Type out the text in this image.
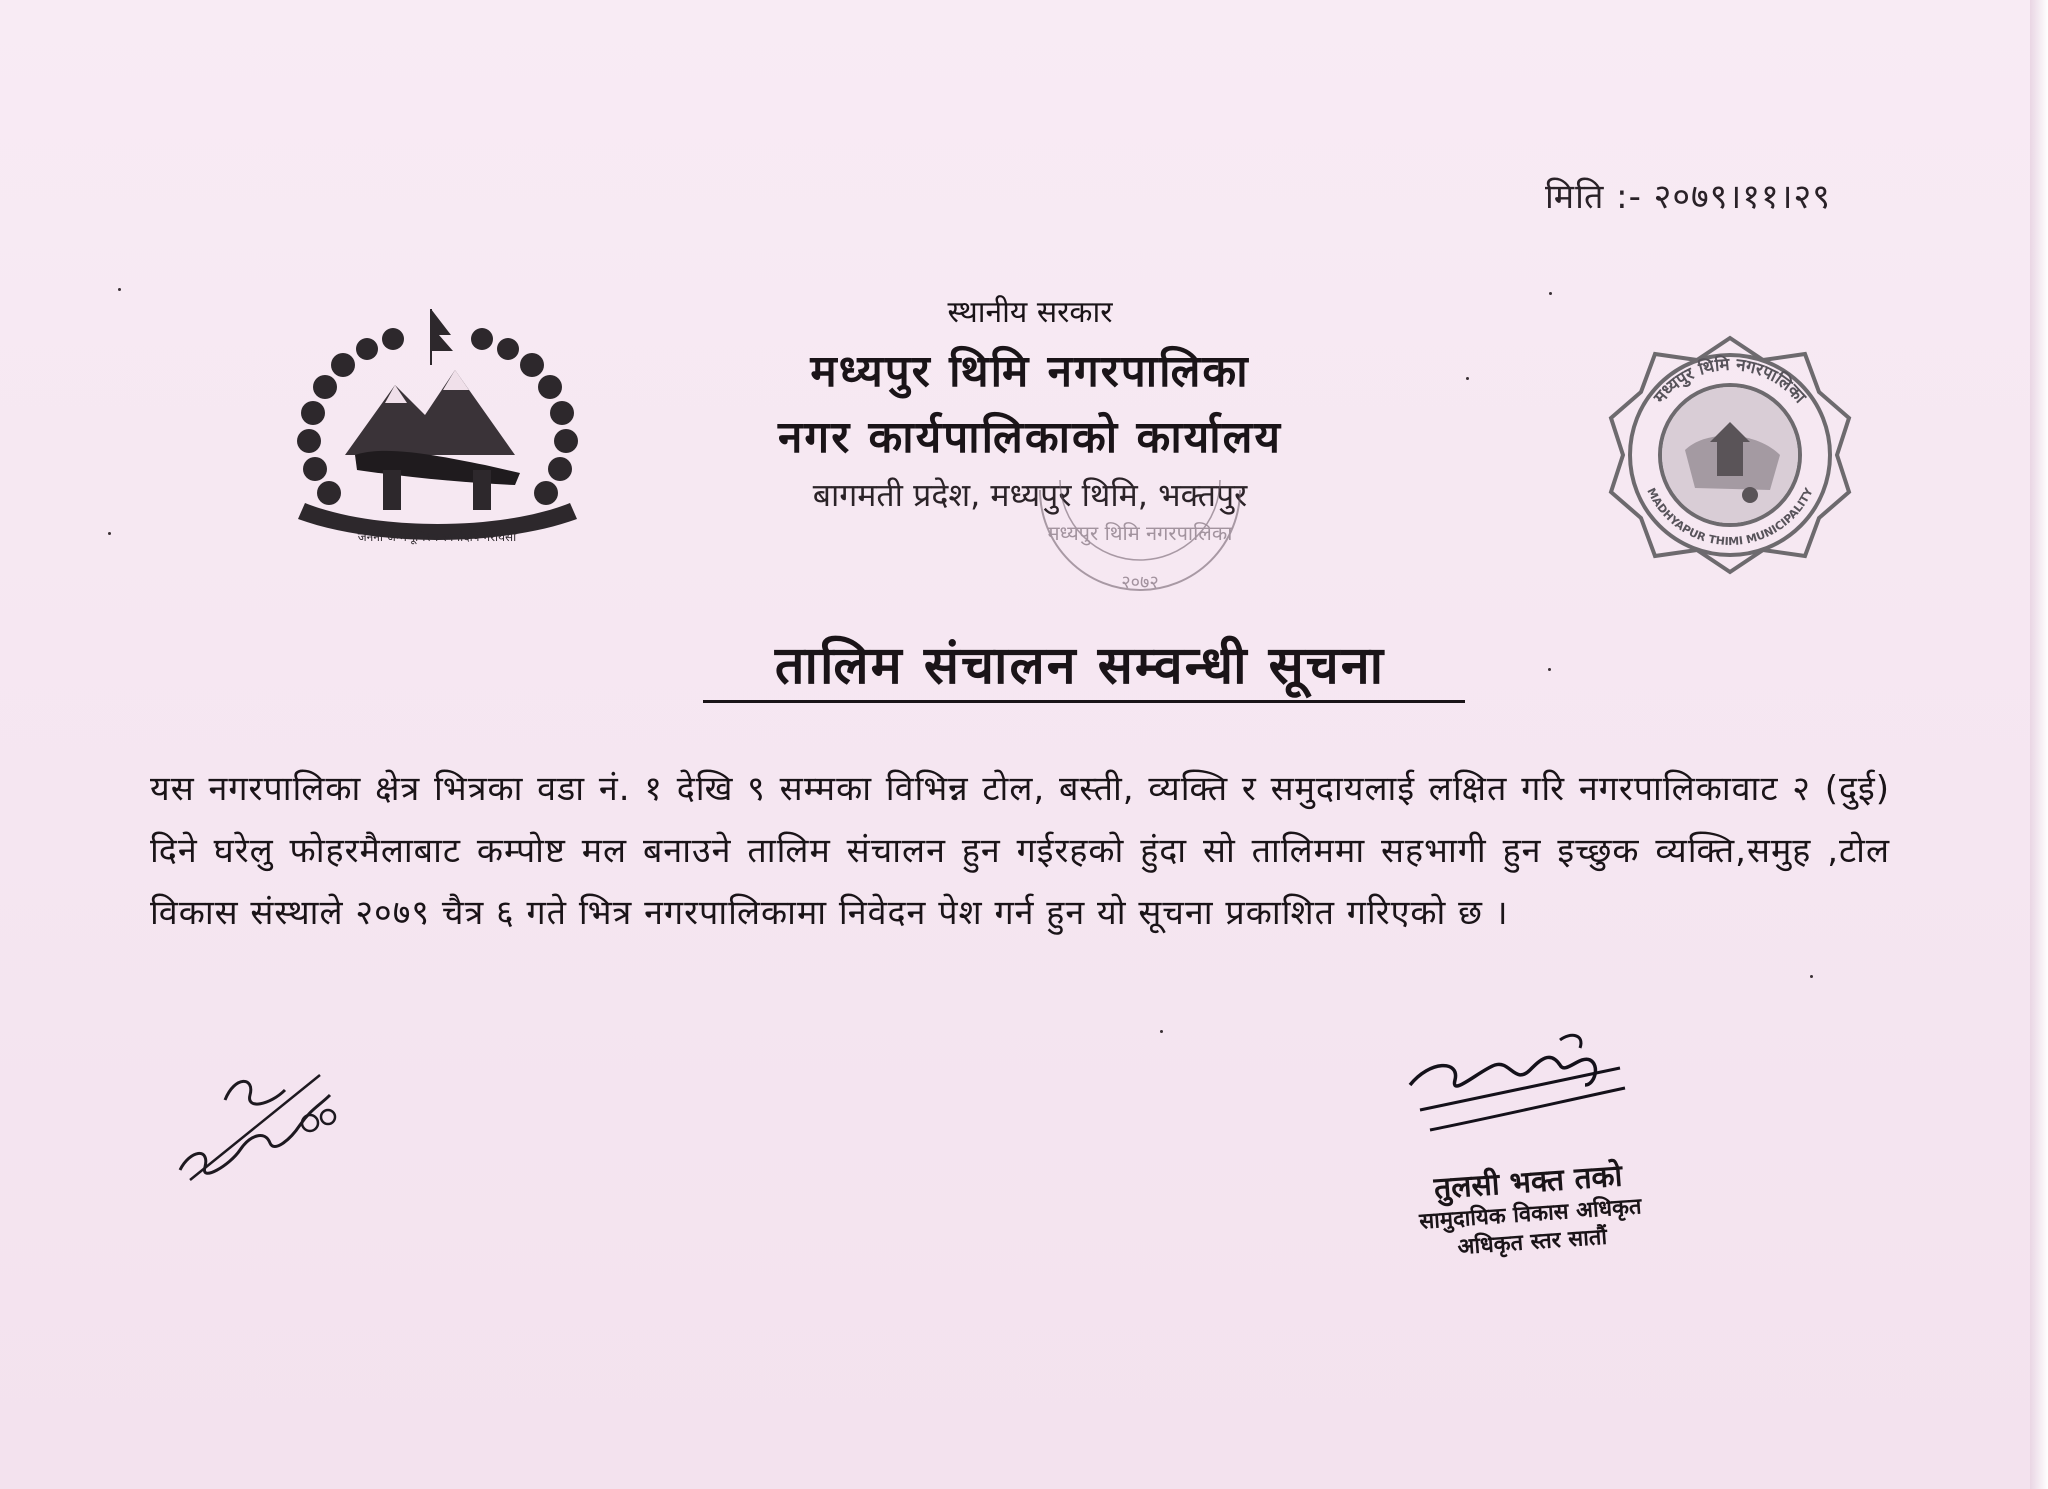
मिति :- २०७९।११।२९
जननी जन्मभूमिश्च स्वर्गादपि गरीयसी
स्थानीय सरकार
मध्यपुर थिमि नगरपालिका
नगर कार्यपालिकाको कार्यालय
बागमती प्रदेश, मध्यपुर थिमि, भक्तपुर
मध्यपुर थिमि नगरपालिका
२०७२
मध्यपुर थिमि नगरपालिका
MADHYAPUR THIMI MUNICIPALITY
तालिम संचालन सम्वन्धी सूचना
यस नगरपालिका क्षेत्र भित्रका वडा नं. १ देखि ९ सम्मका विभिन्न टोल, बस्ती, व्यक्ति र समुदायलाई लक्षित गरि नगरपालिकावाट २ (दुई) दिने घरेलु फोहरमैलाबाट कम्पोष्ट मल बनाउने तालिम संचालन हुन गईरहको हुंदा सो तालिममा सहभागी हुन इच्छुक व्यक्ति,समुह ,टोल विकास संस्थाले २०७९ चैत्र ६ गते भित्र नगरपालिकामा निवेदन पेश गर्न हुन यो सूचना प्रकाशित गरिएको छ ।
तुलसी भक्त तको
सामुदायिक विकास अधिकृत
अधिकृत स्तर सातौं
